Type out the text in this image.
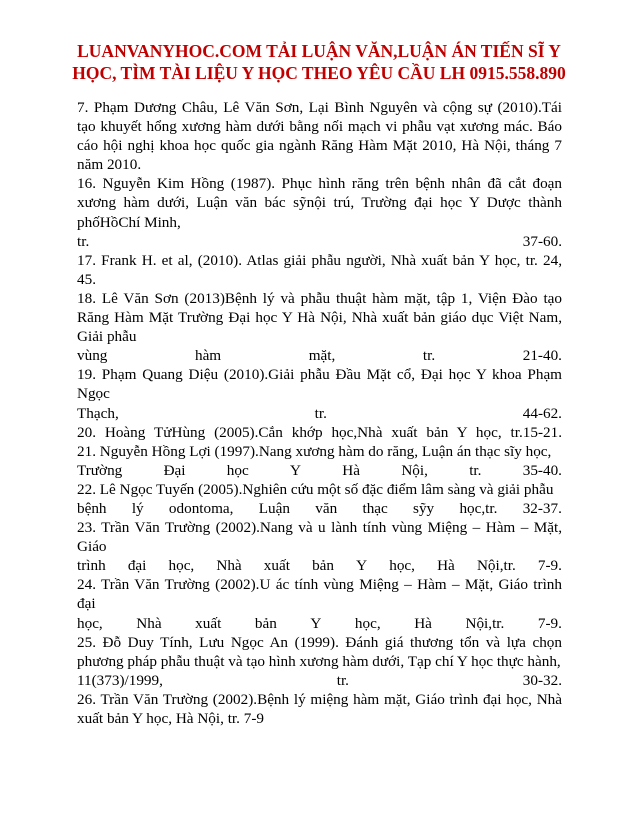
LUANVANYHOC.COM TẢI LUẬN VĂN,LUẬN ÁN TIẾN SĨ Y
HỌC, TÌM TÀI LIỆU Y HỌC THEO YÊU CẦU LH 0915.558.890
7. Phạm Dương Châu, Lê Văn Sơn, Lại Bình Nguyên và cộng sự (2010).Tái tạo khuyết hổng xương hàm dưới bằng nối mạch vi phẫu vạt xương mác. Báo cáo hội nghị khoa học quốc gia ngành Răng Hàm Mặt 2010, Hà Nội, tháng 7 năm 2010.
16. Nguyễn Kim Hồng (1987). Phục hình răng trên bệnh nhân đã cắt đoạn xương hàm dưới, Luận văn bác sỹnội trú, Trường đại học Y Dược thành phốHồChí Minh,
tr.	37-60.
17. Frank H. et al, (2010). Atlas giải phẫu người, Nhà xuất bản Y học, tr. 24, 45.
18. Lê Văn Sơn (2013)Bệnh lý và phẫu thuật hàm mặt, tập 1, Viện Đào tạo Răng Hàm Mặt Trường Đại học Y Hà Nội, Nhà xuất bản giáo dục Việt Nam, Giải phẫu
vùng	hàm	mặt,	tr.	21-40.
19. Phạm Quang Diệu (2010).Giải phẫu Đầu Mặt cổ, Đại học Y khoa Phạm Ngọc
Thạch,	tr.	44-62.
20. Hoàng TửHùng (2005).Cắn khớp học,Nhà xuất bản Y học, tr.15-21.
21. Nguyễn Hồng Lợi (1997).Nang xương hàm do răng, Luận án thạc sĩy học,
Trường	Đại	học	Y	Hà	Nội,	tr.	35-40.
22. Lê Ngọc Tuyến (2005).Nghiên cứu một số đặc điểm lâm sàng và giải phẫu
bệnh lý odontoma, Luận văn thạc sỹy học,tr. 32-37.
23. Trần Văn Trường (2002).Nang và u lành tính vùng Miệng – Hàm – Mặt, Giáo
trình đại học, Nhà xuất bản Y học, Hà Nội,tr. 7-9.
24. Trần Văn Trường (2002).U ác tính vùng Miệng – Hàm – Mặt, Giáo trình đại
học, Nhà xuất bản Y học, Hà Nội,tr. 7-9.
25. Đỗ Duy Tính, Lưu Ngọc An (1999). Đánh giá thương tổn và lựa chọn phương pháp phẫu thuật và tạo hình xương hàm dưới, Tạp chí Y học thực hành,
11(373)/1999,	tr.	30-32.
26. Trần Văn Trường (2002).Bệnh lý miệng hàm mặt, Giáo trình đại học, Nhà xuất bản Y học, Hà Nội, tr. 7-9
